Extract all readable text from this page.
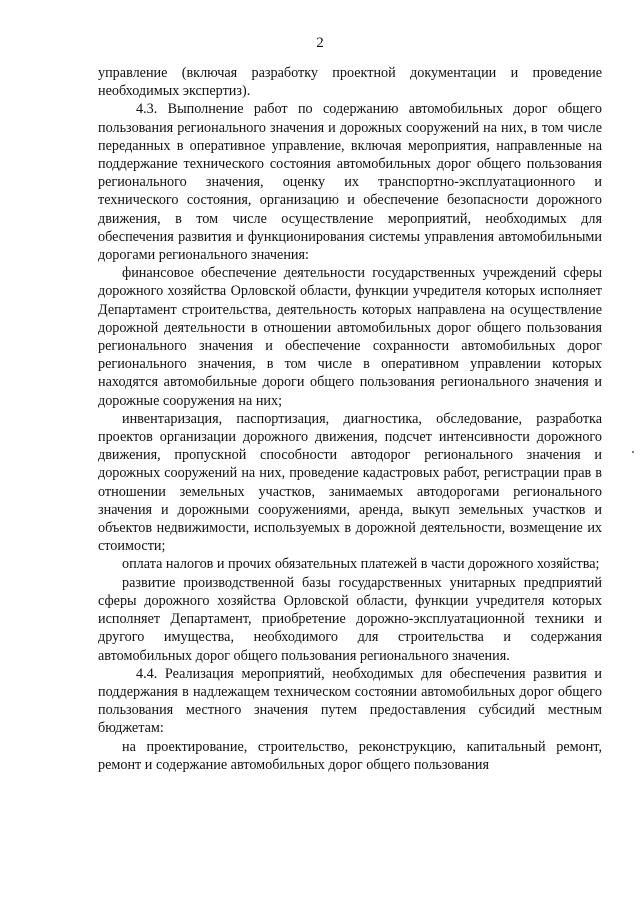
2

управление (включая разработку проектной документации и проведение необходимых экспертиз).

4.3. Выполнение работ по содержанию автомобильных дорог общего пользования регионального значения и дорожных сооружений на них, в том числе переданных в оперативное управление, включая мероприятия, направленные на поддержание технического состояния автомобильных дорог общего пользования регионального значения, оценку их транспортно-эксплуатационного и технического состояния, организацию и обеспечение безопасности дорожного движения, в том числе осуществление мероприятий, необходимых для обеспечения развития и функционирования системы управления автомобильными дорогами регионального значения:

финансовое обеспечение деятельности государственных учреждений сферы дорожного хозяйства Орловской области, функции учредителя которых исполняет Департамент строительства, деятельность которых направлена на осуществление дорожной деятельности в отношении автомобильных дорог общего пользования регионального значения и обеспечение сохранности автомобильных дорог регионального значения, в том числе в оперативном управлении которых находятся автомобильные дороги общего пользования регионального значения и дорожные сооружения на них;

инвентаризация, паспортизация, диагностика, обследование, разработка проектов организации дорожного движения, подсчет интенсивности дорожного движения, пропускной способности автодорог регионального значения и дорожных сооружений на них, проведение кадастровых работ, регистрации прав в отношении земельных участков, занимаемых автодорогами регионального значения и дорожными сооружениями, аренда, выкуп земельных участков и объектов недвижимости, используемых в дорожной деятельности, возмещение их стоимости;

оплата налогов и прочих обязательных платежей в части дорожного хозяйства;

развитие производственной базы государственных унитарных предприятий сферы дорожного хозяйства Орловской области, функции учредителя которых исполняет Департамент, приобретение дорожно-эксплуатационной техники и другого имущества, необходимого для строительства и содержания автомобильных дорог общего пользования регионального значения.

4.4. Реализация мероприятий, необходимых для обеспечения развития и поддержания в надлежащем техническом состоянии автомобильных дорог общего пользования местного значения путем предоставления субсидий местным бюджетам:

на проектирование, строительство, реконструкцию, капитальный ремонт, ремонт и содержание автомобильных дорог общего пользования
